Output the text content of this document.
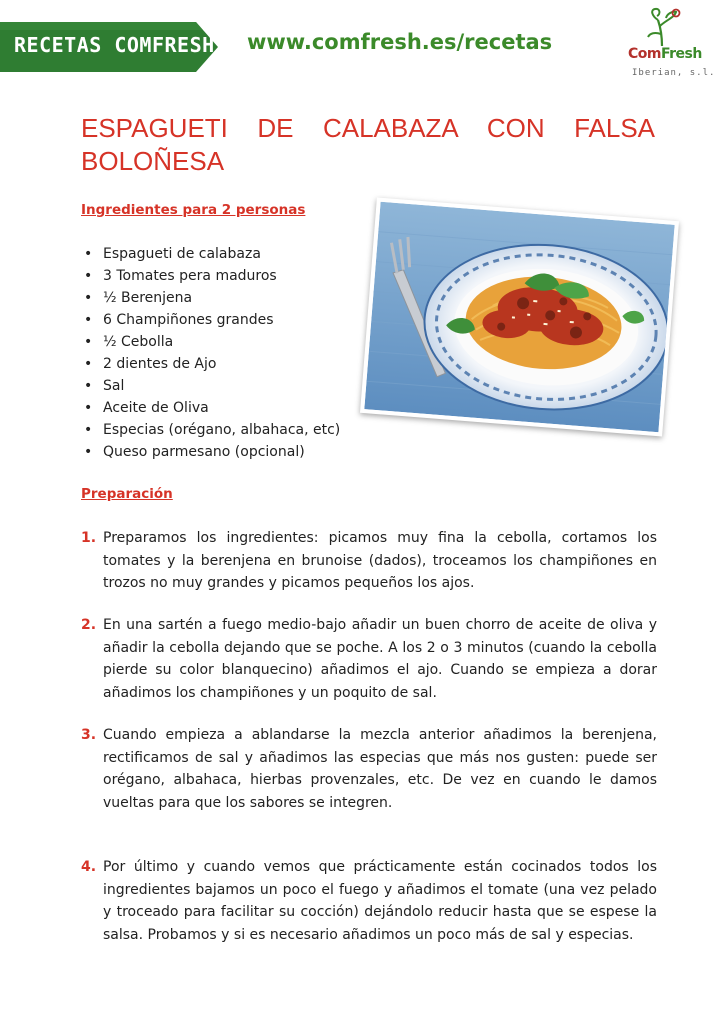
RECETAS COMFRESH www.comfresh.es/recetas	ComFresh
Iberian, s.l.
ESPAGUETI DE CALABAZA CON FALSA BOLOÑESA
Ingredientes para 2 personas
• Espagueti de calabaza
• 3 Tomates pera maduros
• ½ Berenjena
• 6 Champiñones grandes
• ½ Cebolla
• 2 dientes de Ajo
• Sal
• Aceite de Oliva
• Especias (orégano, albahaca, etc)
• Queso parmesano (opcional)
Preparación
1. Preparamos los ingredientes: picamos muy fina la cebolla, cortamos los tomates y la berenjena en brunoise (dados), troceamos los champiñones en trozos no muy grandes y picamos pequeños los ajos.

2. En una sartén a fuego medio-bajo añadir un buen chorro de aceite de oliva y añadir la cebolla dejando que se poche. A los 2 o 3 minutos (cuando la cebolla pierde su color blanquecino) añadimos el ajo. Cuando se empieza a dorar añadimos los champiñones y un poquito de sal.

3. Cuando empieza a ablandarse la mezcla anterior añadimos la berenjena, rectificamos de sal y añadimos las especias que más nos gusten: puede ser orégano, albahaca, hierbas provenzales, etc. De vez en cuando le damos vueltas para que los sabores se integren.

4. Por último y cuando vemos que prácticamente están cocinados todos los ingredientes bajamos un poco el fuego y añadimos el tomate (una vez pelado y troceado para facilitar su cocción) dejándolo reducir hasta que se espese la salsa. Probamos y si es necesario añadimos un poco más de sal y especias.
